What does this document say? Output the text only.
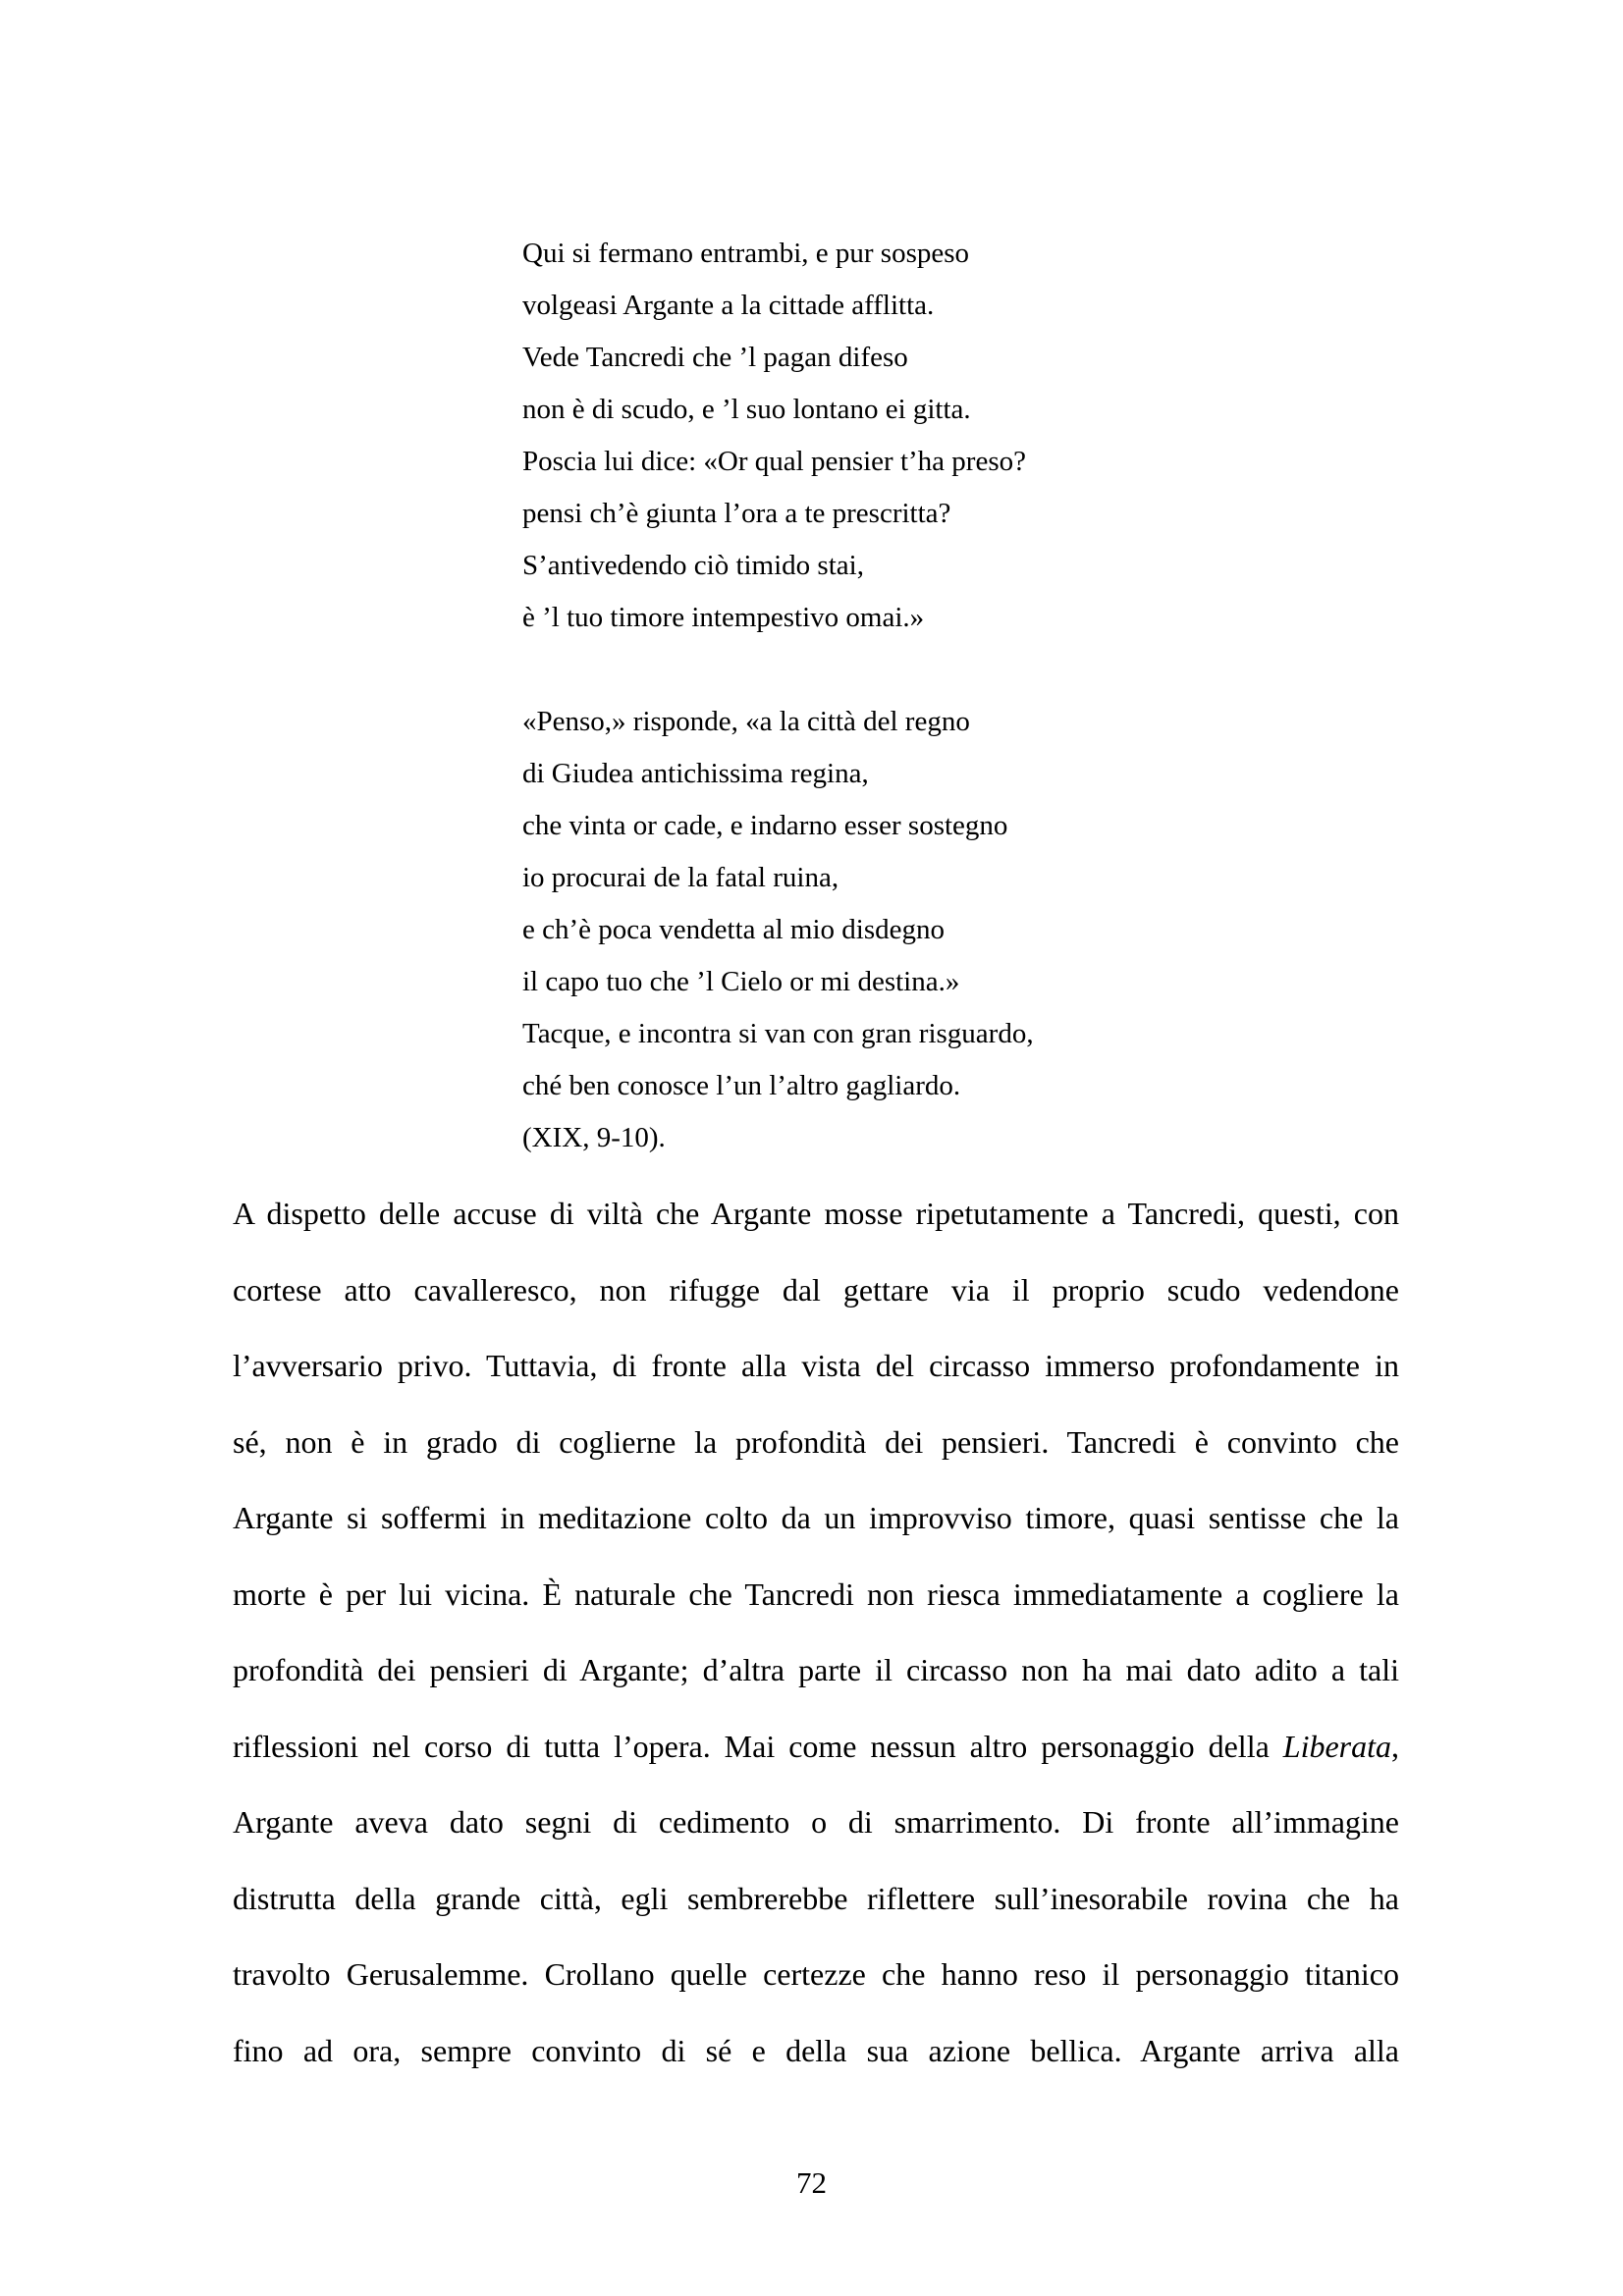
Qui si fermano entrambi, e pur sospeso
volgeasi Argante a la cittade afflitta.
Vede Tancredi che ’l pagan difeso
non è di scudo, e ’l suo lontano ei gitta.
Poscia lui dice: «Or qual pensier t’ha preso?
pensi ch’è giunta l’ora a te prescritta?
S’antivedendo ciò timido stai,
è ’l tuo timore intempestivo omai.»
«Penso,» risponde, «a la città del regno
di Giudea antichissima regina,
che vinta or cade, e indarno esser sostegno
io procurai de la fatal ruina,
e ch’è poca vendetta al mio disdegno
il capo tuo che ’l Cielo or mi destina.»
Tacque, e incontra si van con gran risguardo,
ché ben conosce l’un l’altro gagliardo.
(XIX, 9-10).
A dispetto delle accuse di viltà che Argante mosse ripetutamente a Tancredi, questi, con
cortese atto cavalleresco, non rifugge dal gettare via il proprio scudo vedendone
l’avversario privo. Tuttavia, di fronte alla vista del circasso immerso profondamente in
sé, non è in grado di coglierne la profondità dei pensieri. Tancredi è convinto che
Argante si soffermi in meditazione colto da un improvviso timore, quasi sentisse che la
morte è per lui vicina. È naturale che Tancredi non riesca immediatamente a cogliere la
profondità dei pensieri di Argante; d’altra parte il circasso non ha mai dato adito a tali
riflessioni nel corso di tutta l’opera. Mai come nessun altro personaggio della Liberata,
Argante aveva dato segni di cedimento o di smarrimento. Di fronte all’immagine
distrutta della grande città, egli sembrerebbe riflettere sull’inesorabile rovina che ha
travolto Gerusalemme. Crollano quelle certezze che hanno reso il personaggio titanico
fino ad ora, sempre convinto di sé e della sua azione bellica. Argante arriva alla
72
